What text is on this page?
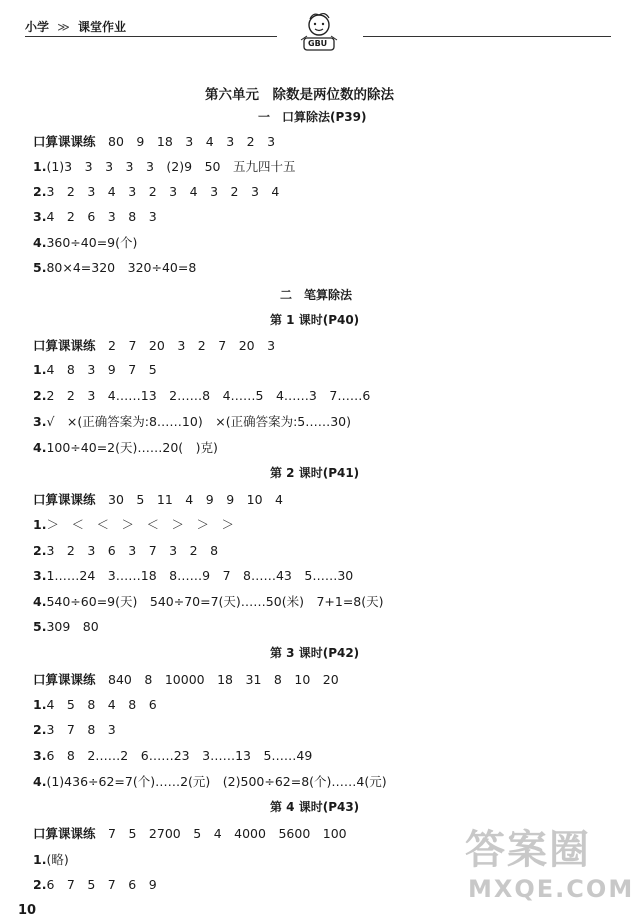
小学 ≫ 课堂作业
GBU
第六单元　除数是两位数的除法
一　口算除法(P39)
口算课课练　 80　9　18　3　4　3　2　3
1.(1)3　3　3　3　3　(2)9　50　五九四十五
2.3　2　3　4　3　2　3　4　3　2　3　4
3.4　2　6　3　8　3
4.360÷40=9(个)
5.80×4=320　320÷40=8
二　笔算除法
第 1 课时(P40)
口算课课练　 2　7　20　3　2　7　20　3
1.4　8　3　9　7　5
2.2　2　3　4……13　2……8　4……5　4……3　7……6
3.√　×(正确答案为:8……10)　×(正确答案为:5……30)
4.100÷40=2(天)……20(　)克)
第 2 课时(P41)
口算课课练　 30　5　11　4　9　9　10　4
1.＞　＜　＜　＞　＜　＞　＞　＞
2.3　2　3　6　3　7　3　2　8
3.1……24　3……18　8……9　7　8……43　5……30
4.540÷60=9(天)　540÷70=7(天)……50(米)　7+1=8(天)
5.309　80
第 3 课时(P42)
口算课课练　 840　8　10000　18　31　8　10　20
1.4　5　8　4　8　6
2.3　7　8　3
3.6　8　2……2　6……23　3……13　5……49
4.(1)436÷62=7(个)……2(元)　(2)500÷62=8(个)……4(元)
第 4 课时(P43)
口算课课练　 7　5　2700　5　4　4000　5600　100
1.(略)
2.6　7　5　7　6　9
答案圈
MXQE.COM
10
